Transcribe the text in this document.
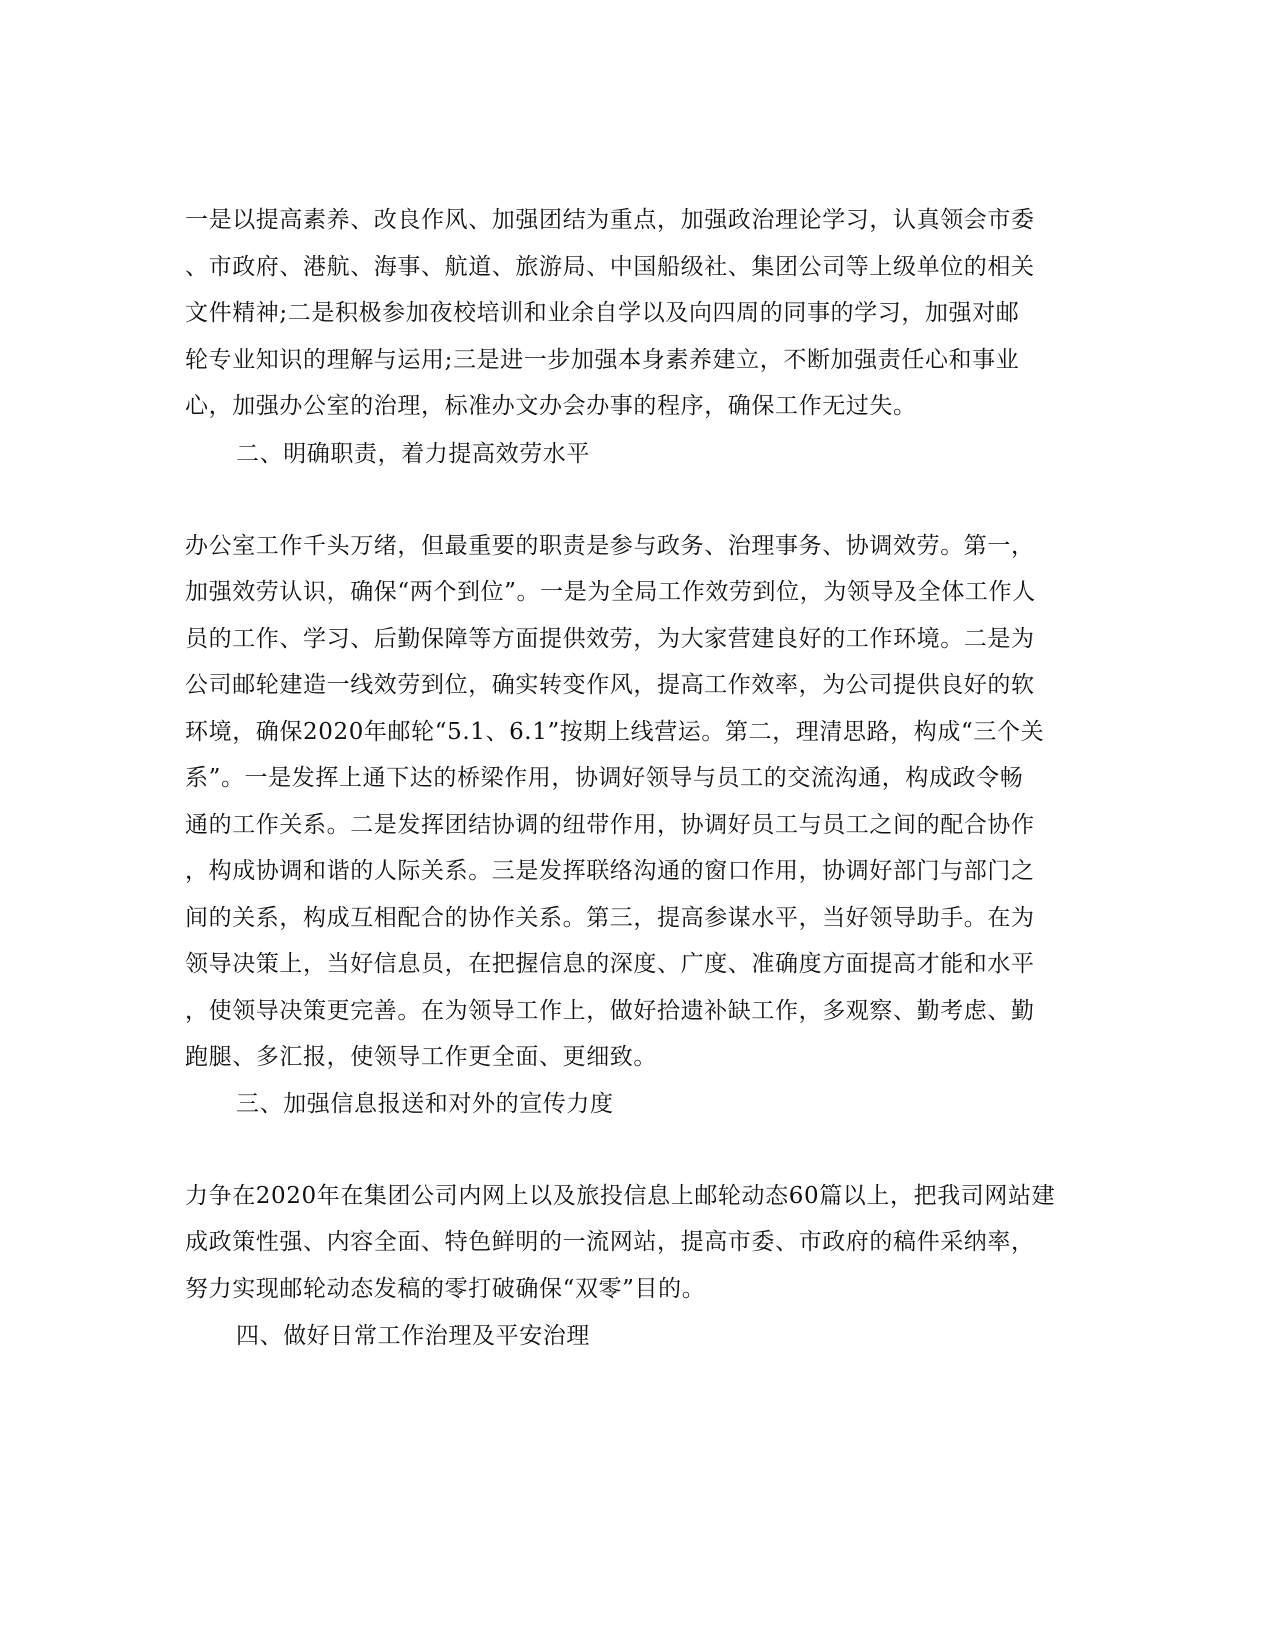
一是以提高素养、改良作风、加强团结为重点，加强政治理论学习，认真领会市委
、市政府、港航、海事、航道、旅游局、中国船级社、集团公司等上级单位的相关
文件精神;二是积极参加夜校培训和业余自学以及向四周的同事的学习，加强对邮
轮专业知识的理解与运用;三是进一步加强本身素养建立，不断加强责任心和事业
心，加强办公室的治理，标准办文办会办事的程序，确保工作无过失。
二、明确职责，着力提高效劳水平
办公室工作千头万绪，但最重要的职责是参与政务、治理事务、协调效劳。第一，
加强效劳认识，确保“两个到位”。一是为全局工作效劳到位，为领导及全体工作人
员的工作、学习、后勤保障等方面提供效劳，为大家营建良好的工作环境。二是为
公司邮轮建造一线效劳到位，确实转变作风，提高工作效率，为公司提供良好的软
环境，确保2020年邮轮“5.1、6.1”按期上线营运。第二，理清思路，构成“三个关
系”。一是发挥上通下达的桥梁作用，协调好领导与员工的交流沟通，构成政令畅
通的工作关系。二是发挥团结协调的纽带作用，协调好员工与员工之间的配合协作
，构成协调和谐的人际关系。三是发挥联络沟通的窗口作用，协调好部门与部门之
间的关系，构成互相配合的协作关系。第三，提高参谋水平，当好领导助手。在为
领导决策上，当好信息员，在把握信息的深度、广度、准确度方面提高才能和水平
，使领导决策更完善。在为领导工作上，做好拾遗补缺工作，多观察、勤考虑、勤
跑腿、多汇报，使领导工作更全面、更细致。
三、加强信息报送和对外的宣传力度
力争在2020年在集团公司内网上以及旅投信息上邮轮动态60篇以上，把我司网站建
成政策性强、内容全面、特色鲜明的一流网站，提高市委、市政府的稿件采纳率，
努力实现邮轮动态发稿的零打破确保“双零”目的。
四、做好日常工作治理及平安治理
